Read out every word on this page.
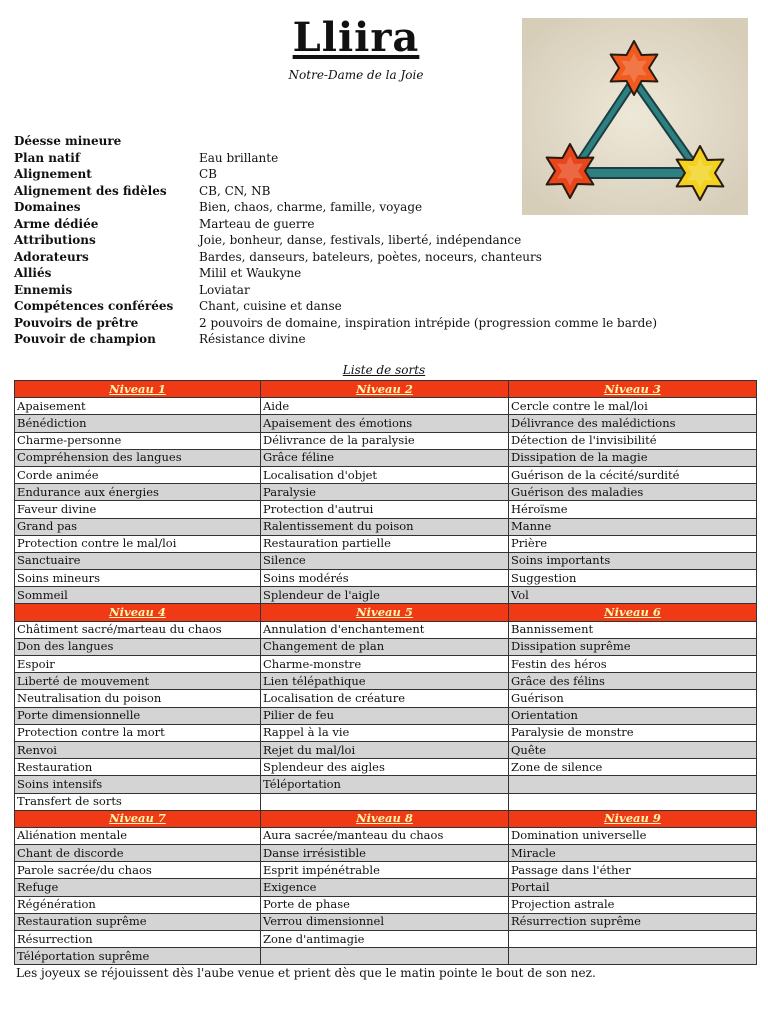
Lliira
Notre-Dame de la Joie
Déesse mineure	
Plan natif	Eau brillante
Alignement	CB
Alignement des fidèles	CB, CN, NB
Domaines	Bien, chaos, charme, famille, voyage
Arme dédiée	Marteau de guerre
Attributions	Joie, bonheur, danse, festivals, liberté, indépendance
Adorateurs	Bardes, danseurs, bateleurs, poètes, noceurs, chanteurs
Alliés	Milil et Waukyne
Ennemis	Loviatar
Compétences conférées	Chant, cuisine et danse
Pouvoirs de prêtre	2 pouvoirs de domaine, inspiration intrépide (progression comme le barde)
Pouvoir de champion	Résistance divine
Liste de sorts
Niveau 1	Niveau 2	Niveau 3
Apaisement	Aide	Cercle contre le mal/loi
Bénédiction	Apaisement des émotions	Délivrance des malédictions
Charme-personne	Délivrance de la paralysie	Détection de l'invisibilité
Compréhension des langues	Grâce féline	Dissipation de la magie
Corde animée	Localisation d'objet	Guérison de la cécité/surdité
Endurance aux énergies	Paralysie	Guérison des maladies
Faveur divine	Protection d'autrui	Héroïsme
Grand pas	Ralentissement du poison	Manne
Protection contre le mal/loi	Restauration partielle	Prière
Sanctuaire	Silence	Soins importants
Soins mineurs	Soins modérés	Suggestion
Sommeil	Splendeur de l'aigle	Vol
Niveau 4	Niveau 5	Niveau 6
Châtiment sacré/marteau du chaos	Annulation d'enchantement	Bannissement
Don des langues	Changement de plan	Dissipation suprême
Espoir	Charme-monstre	Festin des héros
Liberté de mouvement	Lien télépathique	Grâce des félins
Neutralisation du poison	Localisation de créature	Guérison
Porte dimensionnelle	Pilier de feu	Orientation
Protection contre la mort	Rappel à la vie	Paralysie de monstre
Renvoi	Rejet du mal/loi	Quête
Restauration	Splendeur des aigles	Zone de silence
Soins intensifs	Téléportation	
Transfert de sorts		
Niveau 7	Niveau 8	Niveau 9
Aliénation mentale	Aura sacrée/manteau du chaos	Domination universelle
Chant de discorde	Danse irrésistible	Miracle
Parole sacrée/du chaos	Esprit impénétrable	Passage dans l'éther
Refuge	Exigence	Portail
Régénération	Porte de phase	Projection astrale
Restauration suprême	Verrou dimensionnel	Résurrection suprême
Résurrection	Zone d'antimagie	
Téléportation suprême		
Les joyeux se réjouissent dès l'aube venue et prient dès que le matin pointe le bout de son nez.
